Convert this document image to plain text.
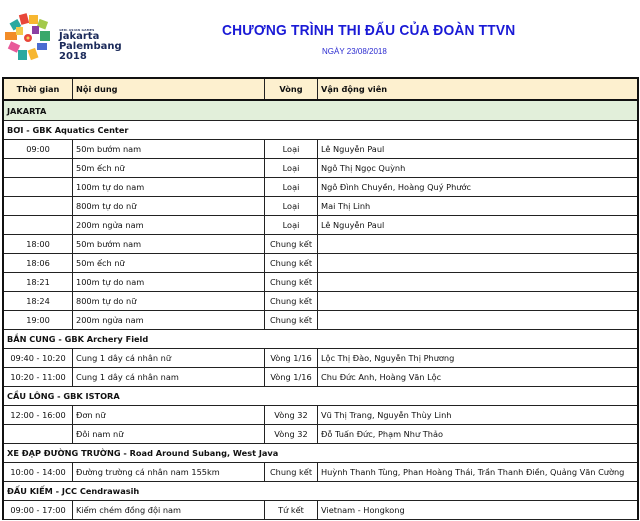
18th ASIAN GAMES
Jakarta
Palembang
2018
CHƯƠNG TRÌNH THI ĐẤU CỦA ĐOÀN TTVN
NGÀY 23/08/2018
Thời gian	Nội dung	Vòng	Vận động viên
JAKARTA			
BƠI - GBK Aquatics Center			
09:00	50m bướm nam	Loại	Lê Nguyễn Paul
	50m ếch nữ	Loại	Ngô Thị Ngọc Quỳnh
	100m tự do nam	Loại	Ngô Đình Chuyền, Hoàng Quý Phước
	800m tự do nữ	Loại	Mai Thị Linh
	200m ngửa nam	Loại	Lê Nguyễn Paul
18:00	50m bướm nam	Chung kết	
18:06	50m ếch nữ	Chung kết	
18:21	100m tự do nam	Chung kết	
18:24	800m tự do nữ	Chung kết	
19:00	200m ngửa nam	Chung kết	
BẮN CUNG - GBK Archery Field			
09:40 - 10:20	Cung 1 dây cá nhân nữ	Vòng 1/16	Lộc Thị Đào, Nguyễn Thị Phương
10:20 - 11:00	Cung 1 dây cá nhân nam	Vòng 1/16	Chu Đức Anh, Hoàng Văn Lộc
CẦU LÔNG - GBK ISTORA			
12:00 - 16:00	Đơn nữ	Vòng 32	Vũ Thị Trang, Nguyễn Thùy Linh
	Đôi nam nữ	Vòng 32	Đỗ Tuấn Đức, Phạm Như Thảo
XE ĐẠP ĐƯỜNG TRƯỜNG - Road Around Subang, West Java			
10:00 - 14:00	Đường trường cá nhân nam 155km	Chung kết	Huỳnh Thanh Tùng, Phan Hoàng Thái, Trần Thanh Điền, Quảng Văn Cường
ĐẤU KIẾM - JCC Cendrawasih			
09:00 - 17:00	Kiếm chém đồng đội nam	Tứ kết	Vietnam - Hongkong
